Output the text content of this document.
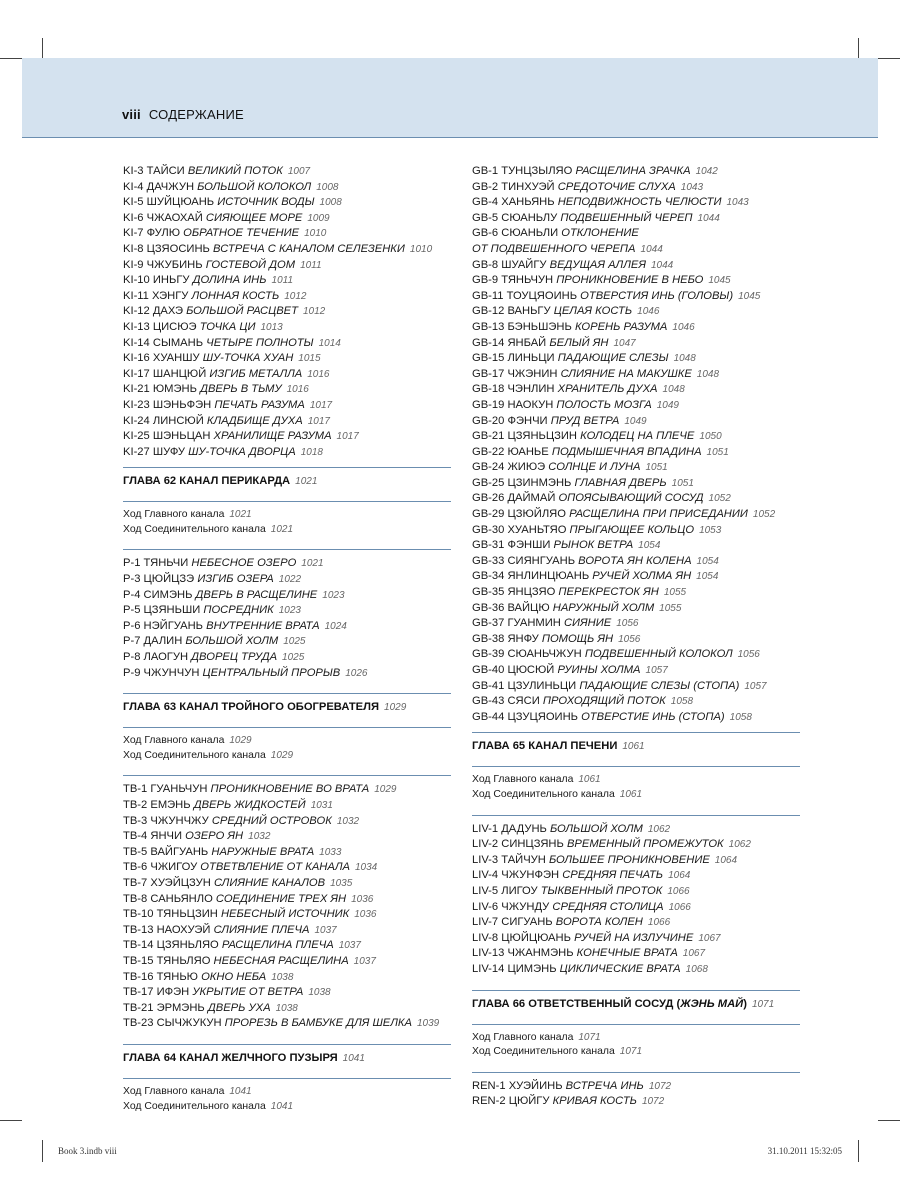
viii СОДЕРЖАНИЕ
KI-3 ТАЙСИ ВЕЛИКИЙ ПОТОК 1007
KI-4 ДАЧЖУН БОЛЬШОЙ КОЛОКОЛ 1008
KI-5 ШУЙЦЮАНЬ ИСТОЧНИК ВОДЫ 1008
KI-6 ЧЖАОХАЙ СИЯЮЩЕЕ МОРЕ 1009
KI-7 ФУЛЮ ОБРАТНОЕ ТЕЧЕНИЕ 1010
KI-8 ЦЗЯОСИНЬ ВСТРЕЧА С КАНАЛОМ СЕЛЕЗЕНКИ 1010
KI-9 ЧЖУБИНЬ ГОСТЕВОЙ ДОМ 1011
KI-10 ИНЬГУ ДОЛИНА ИНЬ 1011
KI-11 ХЭНГУ ЛОННАЯ КОСТЬ 1012
KI-12 ДАХЭ БОЛЬШОЙ РАСЦВЕТ 1012
KI-13 ЦИСЮЭ ТОЧКА ЦИ 1013
KI-14 СЫМАНЬ ЧЕТЫРЕ ПОЛНОТЫ 1014
KI-16 ХУАНШУ ШУ-ТОЧКА ХУАН 1015
KI-17 ШАНЦЮЙ ИЗГИБ МЕТАЛЛА 1016
KI-21 ЮМЭНЬ ДВЕРЬ В ТЬМУ 1016
KI-23 ШЭНЬФЭН ПЕЧАТЬ РАЗУМА 1017
KI-24 ЛИНСЮЙ КЛАДБИЩЕ ДУХА 1017
KI-25 ШЭНЬЦАН ХРАНИЛИЩЕ РАЗУМА 1017
KI-27 ШУФУ ШУ-ТОЧКА ДВОРЦА 1018
ГЛАВА 62 КАНАЛ ПЕРИКАРДА 1021
Ход Главного канала 1021
Ход Соединительного канала 1021
P-1 ТЯНЬЧИ НЕБЕСНОЕ ОЗЕРО 1021
P-3 ЦЮЙЦЗЭ ИЗГИБ ОЗЕРА 1022
P-4 СИМЭНЬ ДВЕРЬ В РАСЩЕЛИНЕ 1023
P-5 ЦЗЯНЬШИ ПОСРЕДНИК 1023
P-6 НЭЙГУАНЬ ВНУТРЕННИЕ ВРАТА 1024
P-7 ДАЛИН БОЛЬШОЙ ХОЛМ 1025
P-8 ЛАОГУН ДВОРЕЦ ТРУДА 1025
P-9 ЧЖУНЧУН ЦЕНТРАЛЬНЫЙ ПРОРЫВ 1026
ГЛАВА 63 КАНАЛ ТРОЙНОГО ОБОГРЕВАТЕЛЯ 1029
Ход Главного канала 1029
Ход Соединительного канала 1029
TB-1 ГУАНЬЧУН ПРОНИКНОВЕНИЕ ВО ВРАТА 1029
TB-2 ЕМЭНЬ ДВЕРЬ ЖИДКОСТЕЙ 1031
TB-3 ЧЖУНЧЖУ СРЕДНИЙ ОСТРОВОК 1032
TB-4 ЯНЧИ ОЗЕРО ЯН 1032
TB-5 ВАЙГУАНЬ НАРУЖНЫЕ ВРАТА 1033
TB-6 ЧЖИГОУ ОТВЕТВЛЕНИЕ ОТ КАНАЛА 1034
TB-7 ХУЭЙЦЗУН СЛИЯНИЕ КАНАЛОВ 1035
TB-8 САНЬЯНЛО СОЕДИНЕНИЕ ТРЕХ ЯН 1036
TB-10 ТЯНЬЦЗИН НЕБЕСНЫЙ ИСТОЧНИК 1036
TB-13 НАОХУЭЙ СЛИЯНИЕ ПЛЕЧА 1037
TB-14 ЦЗЯНЬЛЯО РАСЩЕЛИНА ПЛЕЧА 1037
TB-15 ТЯНЬЛЯО НЕБЕСНАЯ РАСЩЕЛИНА 1037
TB-16 ТЯНЬЮ ОКНО НЕБА 1038
TB-17 ИФЭН УКРЫТИЕ ОТ ВЕТРА 1038
TB-21 ЭРМЭНЬ ДВЕРЬ УХА 1038
TB-23 СЫЧЖУКУН ПРОРЕЗЬ В БАМБУКЕ ДЛЯ ШЕЛКА 1039
ГЛАВА 64 КАНАЛ ЖЕЛЧНОГО ПУЗЫРЯ 1041
Ход Главного канала 1041
Ход Соединительного канала 1041
GB-1 ТУНЦЗЫЛЯО РАСЩЕЛИНА ЗРАЧКА 1042
GB-2 ТИНХУЭЙ СРЕДОТОЧИЕ СЛУХА 1043
GB-4 ХАНЬЯНЬ НЕПОДВИЖНОСТЬ ЧЕЛЮСТИ 1043
GB-5 СЮАНЬЛУ ПОДВЕШЕННЫЙ ЧЕРЕП 1044
GB-6 СЮАНЬЛИ ОТКЛОНЕНИЕ
ОТ ПОДВЕШЕННОГО ЧЕРЕПА 1044
GB-8 ШУАЙГУ ВЕДУЩАЯ АЛЛЕЯ 1044
GB-9 ТЯНЬЧУН ПРОНИКНОВЕНИЕ В НЕБО 1045
GB-11 ТОУЦЯОИНЬ ОТВЕРСТИЯ ИНЬ (ГОЛОВЫ) 1045
GB-12 ВАНЬГУ ЦЕЛАЯ КОСТЬ 1046
GB-13 БЭНЬШЭНЬ КОРЕНЬ РАЗУМА 1046
GB-14 ЯНБАЙ БЕЛЫЙ ЯН 1047
GB-15 ЛИНЬЦИ ПАДАЮЩИЕ СЛЕЗЫ 1048
GB-17 ЧЖЭНИН СЛИЯНИЕ НА МАКУШКЕ 1048
GB-18 ЧЭНЛИН ХРАНИТЕЛЬ ДУХА 1048
GB-19 НАОКУН ПОЛОСТЬ МОЗГА 1049
GB-20 ФЭНЧИ ПРУД ВЕТРА 1049
GB-21 ЦЗЯНЬЦЗИН КОЛОДЕЦ НА ПЛЕЧЕ 1050
GB-22 ЮАНЬЕ ПОДМЫШЕЧНАЯ ВПАДИНА 1051
GB-24 ЖИЮЭ СОЛНЦЕ И ЛУНА 1051
GB-25 ЦЗИНМЭНЬ ГЛАВНАЯ ДВЕРЬ 1051
GB-26 ДАЙМАЙ ОПОЯСЫВАЮЩИЙ СОСУД 1052
GB-29 ЦЗЮЙЛЯО РАСЩЕЛИНА ПРИ ПРИСЕДАНИИ 1052
GB-30 ХУАНЬТЯО ПРЫГАЮЩЕЕ КОЛЬЦО 1053
GB-31 ФЭНШИ РЫНОК ВЕТРА 1054
GB-33 СИЯНГУАНЬ ВОРОТА ЯН КОЛЕНА 1054
GB-34 ЯНЛИНЦЮАНЬ РУЧЕЙ ХОЛМА ЯН 1054
GB-35 ЯНЦЗЯО ПЕРЕКРЕСТОК ЯН 1055
GB-36 ВАЙЦЮ НАРУЖНЫЙ ХОЛМ 1055
GB-37 ГУАНМИН СИЯНИЕ 1056
GB-38 ЯНФУ ПОМОЩЬ ЯН 1056
GB-39 СЮАНЬЧЖУН ПОДВЕШЕННЫЙ КОЛОКОЛ 1056
GB-40 ЦЮСЮЙ РУИНЫ ХОЛМА 1057
GB-41 ЦЗУЛИНЬЦИ ПАДАЮЩИЕ СЛЕЗЫ (СТОПА) 1057
GB-43 СЯСИ ПРОХОДЯЩИЙ ПОТОК 1058
GB-44 ЦЗУЦЯОИНЬ ОТВЕРСТИЕ ИНЬ (СТОПА) 1058
ГЛАВА 65 КАНАЛ ПЕЧЕНИ 1061
Ход Главного канала 1061
Ход Соединительного канала 1061
LIV-1 ДАДУНЬ БОЛЬШОЙ ХОЛМ 1062
LIV-2 СИНЦЗЯНЬ ВРЕМЕННЫЙ ПРОМЕЖУТОК 1062
LIV-3 ТАЙЧУН БОЛЬШЕЕ ПРОНИКНОВЕНИЕ 1064
LIV-4 ЧЖУНФЭН СРЕДНЯЯ ПЕЧАТЬ 1064
LIV-5 ЛИГОУ ТЫКВЕННЫЙ ПРОТОК 1066
LIV-6 ЧЖУНДУ СРЕДНЯЯ СТОЛИЦА 1066
LIV-7 СИГУАНЬ ВОРОТА КОЛЕН 1066
LIV-8 ЦЮЙЦЮАНЬ РУЧЕЙ НА ИЗЛУЧИНЕ 1067
LIV-13 ЧЖАНМЭНЬ КОНЕЧНЫЕ ВРАТА 1067
LIV-14 ЦИМЭНЬ ЦИКЛИЧЕСКИЕ ВРАТА 1068
ГЛАВА 66 ОТВЕТСТВЕННЫЙ СОСУД (ЖЭНЬ МАЙ) 1071
Ход Главного канала 1071
Ход Соединительного канала 1071
REN-1 ХУЭЙИНЬ ВСТРЕЧА ИНЬ 1072
REN-2 ЦЮЙГУ КРИВАЯ КОСТЬ 1072
Book 3.indb viii	31.10.2011 15:32:05
